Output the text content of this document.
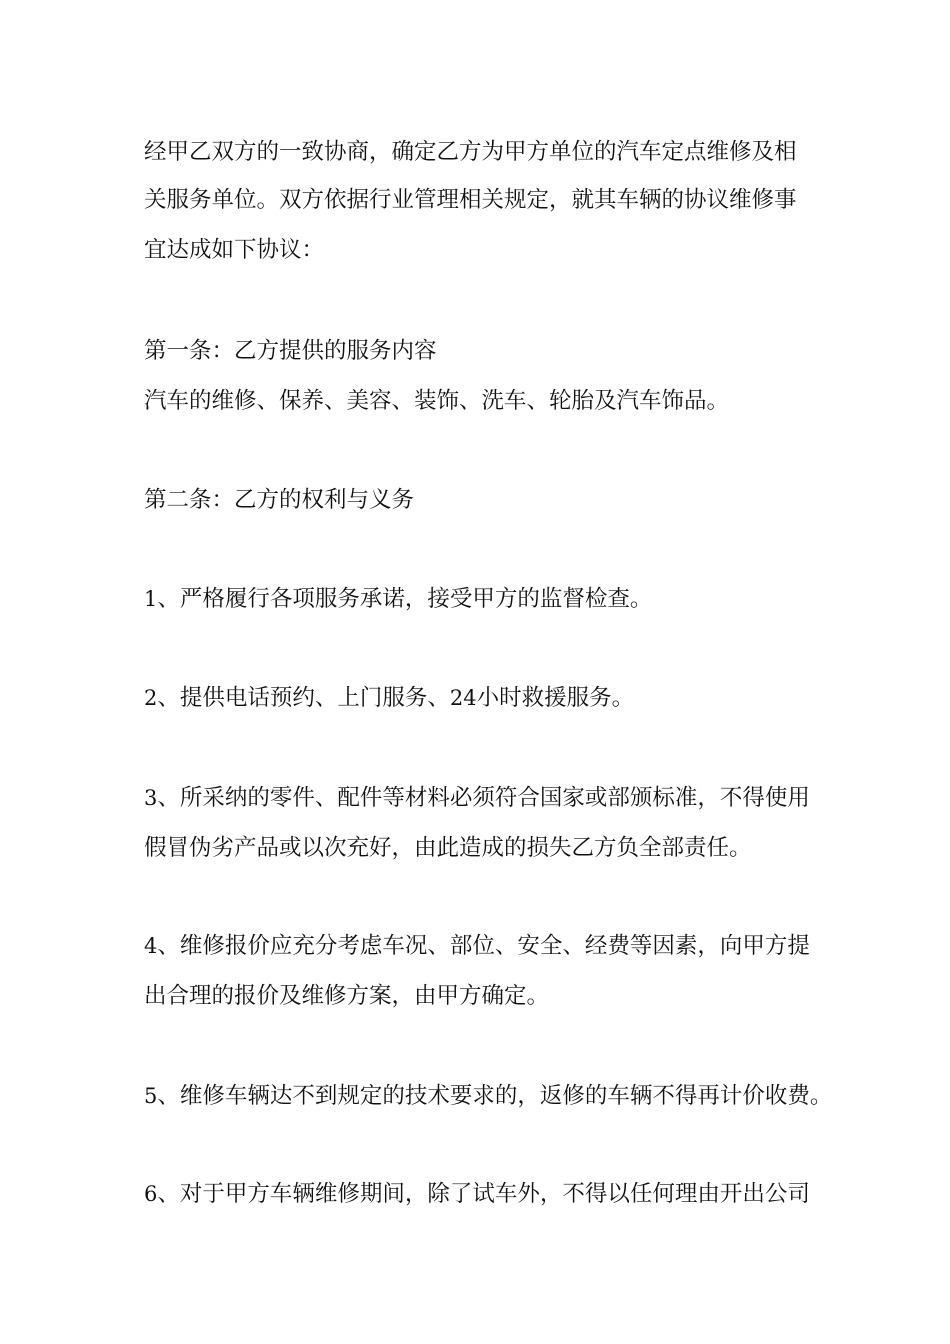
经甲乙双方的一致协商，确定乙方为甲方单位的汽车定点维修及相
关服务单位。双方依据行业管理相关规定，就其车辆的协议维修事
宜达成如下协议：
第一条：乙方提供的服务内容
汽车的维修、保养、美容、装饰、洗车、轮胎及汽车饰品。
第二条：乙方的权利与义务
1、严格履行各项服务承诺，接受甲方的监督检查。
2、提供电话预约、上门服务、24小时救援服务。
3、所采纳的零件、配件等材料必须符合国家或部颁标准，不得使用
假冒伪劣产品或以次充好，由此造成的损失乙方负全部责任。
4、维修报价应充分考虑车况、部位、安全、经费等因素，向甲方提
出合理的报价及维修方案，由甲方确定。
5、维修车辆达不到规定的技术要求的，返修的车辆不得再计价收费。
6、对于甲方车辆维修期间，除了试车外，不得以任何理由开出公司
